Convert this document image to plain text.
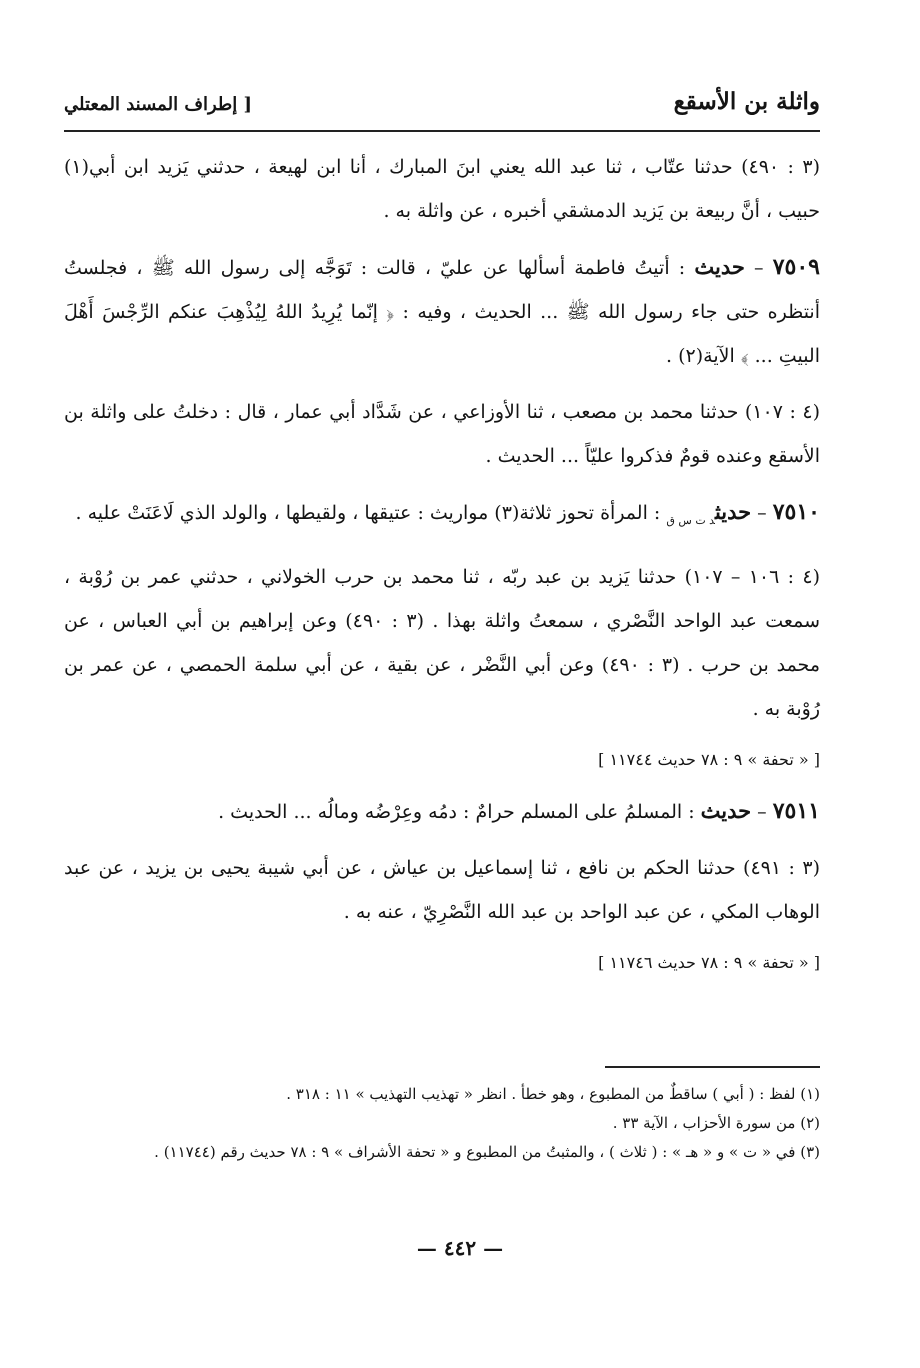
واثلة بن الأسقع
[ إطراف المسند المعتلي

(٣ : ٤٩٠) حدثنا عتّاب ، ثنا عبد الله يعني ابنَ المبارك ، أنا ابن لهيعة ، حدثني يَزيد ابن أبي(١) حبيب ، أنَّ ربيعة بن يَزيد الدمشقي أخبره ، عن واثلة به .

٧٥٠٩ – حديث : أتيتُ فاطمة أسألها عن عليّ ، قالت : تَوَجَّه إلى رسول الله ﷺ ، فجلستُ أنتظره حتى جاء رسول الله ﷺ ... الحديث ، وفيه : ﴿ إنّما يُرِيدُ اللهُ لِيُذْهِبَ عنكم الرِّجْسَ أَهْلَ البيتِ ... ﴾ الآية(٢) .

(٤ : ١٠٧) حدثنا محمد بن مصعب ، ثنا الأوزاعي ، عن شَدَّاد أبي عمار ، قال : دخلتُ على واثلة بن الأسقع وعنده قومٌ فذكروا عليّاً ... الحديث .

٧٥١٠ – حديث$_{د ت س ق}$ : المرأة تحوز ثلاثة(٣) مواريث : عتيقها ، ولقيطها ، والولد الذي لَاعَنَتْ عليه .

(٤ : ١٠٦ – ١٠٧) حدثنا يَزيد بن عبد ربّه ، ثنا محمد بن حرب الخولاني ، حدثني عمر بن رُوْبة ، سمعت عبد الواحد النَّصْري ، سمعتُ واثلة بهذا . (٣ : ٤٩٠) وعن إبراهيم بن أبي العباس ، عن محمد بن حرب . (٣ : ٤٩٠) وعن أبي النَّضْر ، عن بقية ، عن أبي سلمة الحمصي ، عن عمر بن رُوْبة به .

[ « تحفة » ٩ : ٧٨ حديث ١١٧٤٤ ]

٧٥١١ – حديث : المسلمُ على المسلم حرامٌ : دمُه وعِرْضُه ومالُه ... الحديث .

(٣ : ٤٩١) حدثنا الحكم بن نافع ، ثنا إسماعيل بن عياش ، عن أبي شيبة يحيى بن يزيد ، عن عبد الوهاب المكي ، عن عبد الواحد بن عبد الله النَّصْرِيّ ، عنه به .

[ « تحفة » ٩ : ٧٨ حديث ١١٧٤٦ ]

(١) لفظ : ( أبي ) ساقطٌ من المطبوع ، وهو خطأ . انظر « تهذيب التهذيب » ١١ : ٣١٨ .

(٢) من سورة الأحزاب ، الآية ٣٣ .

(٣) في « ت » و « هـ » : ( ثلاث ) ، والمثبتُ من المطبوع و « تحفة الأشراف » ٩ : ٧٨ حديث رقم (١١٧٤٤) .

— ٤٤٢ —
